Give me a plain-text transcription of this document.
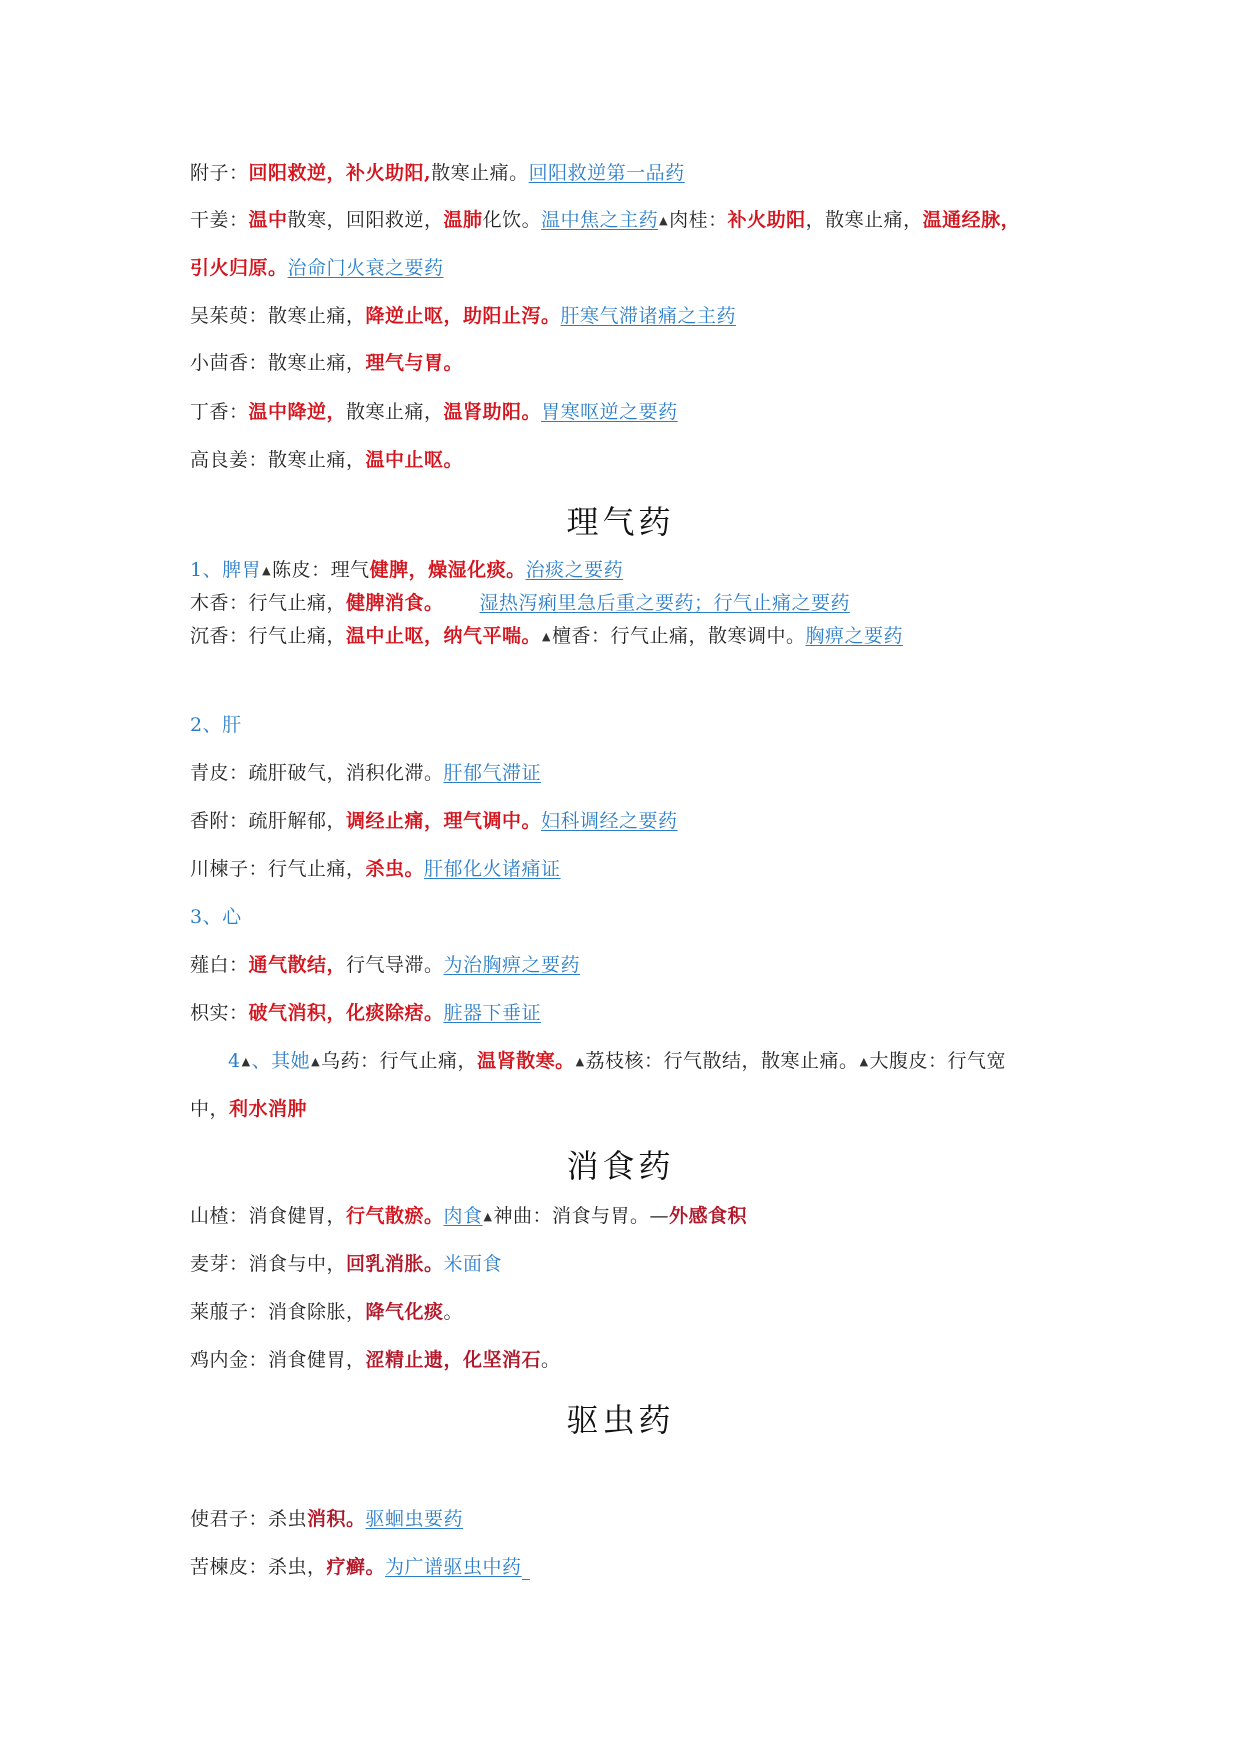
附子：回阳救逆，补火助阳,散寒止痛。回阳救逆第一品药
干姜：温中散寒，回阳救逆，温肺化饮。温中焦之主药▲肉桂：补火助阳，散寒止痛，温通经脉，
引火归原。治命门火衰之要药
吴茱萸：散寒止痛，降逆止呕，助阳止泻。肝寒气滞诸痛之主药
小茴香：散寒止痛，理气与胃。
丁香：温中降逆，散寒止痛，温肾助阳。胃寒呕逆之要药
高良姜：散寒止痛，温中止呕。
理气药
1、脾胃▲陈皮：理气健脾，燥湿化痰。治痰之要药
木香：行气止痛，健脾消食。 湿热泻痢里急后重之要药；行气止痛之要药
沉香：行气止痛，温中止呕，纳气平喘。▲檀香：行气止痛，散寒调中。胸痹之要药
2、肝
青皮：疏肝破气，消积化滞。肝郁气滞证
香附：疏肝解郁，调经止痛，理气调中。妇科调经之要药
川楝子：行气止痛，杀虫。肝郁化火诸痛证
3、心
薤白：通气散结，行气导滞。为治胸痹之要药
枳实：破气消积，化痰除痞。脏器下垂证
4▲、其她▲乌药：行气止痛，温肾散寒。▲荔枝核：行气散结，散寒止痛。▲大腹皮：行气宽
中，利水消肿
消食药
山楂：消食健胃，行气散瘀。肉食▲神曲：消食与胃。—外感食积
麦芽：消食与中，回乳消胀。米面食
莱菔子：消食除胀，降气化痰。
鸡内金：消食健胃，涩精止遗，化坚消石。
驱虫药
使君子：杀虫消积。驱蛔虫要药
苦楝皮：杀虫，疗癣。为广谱驱虫中药
